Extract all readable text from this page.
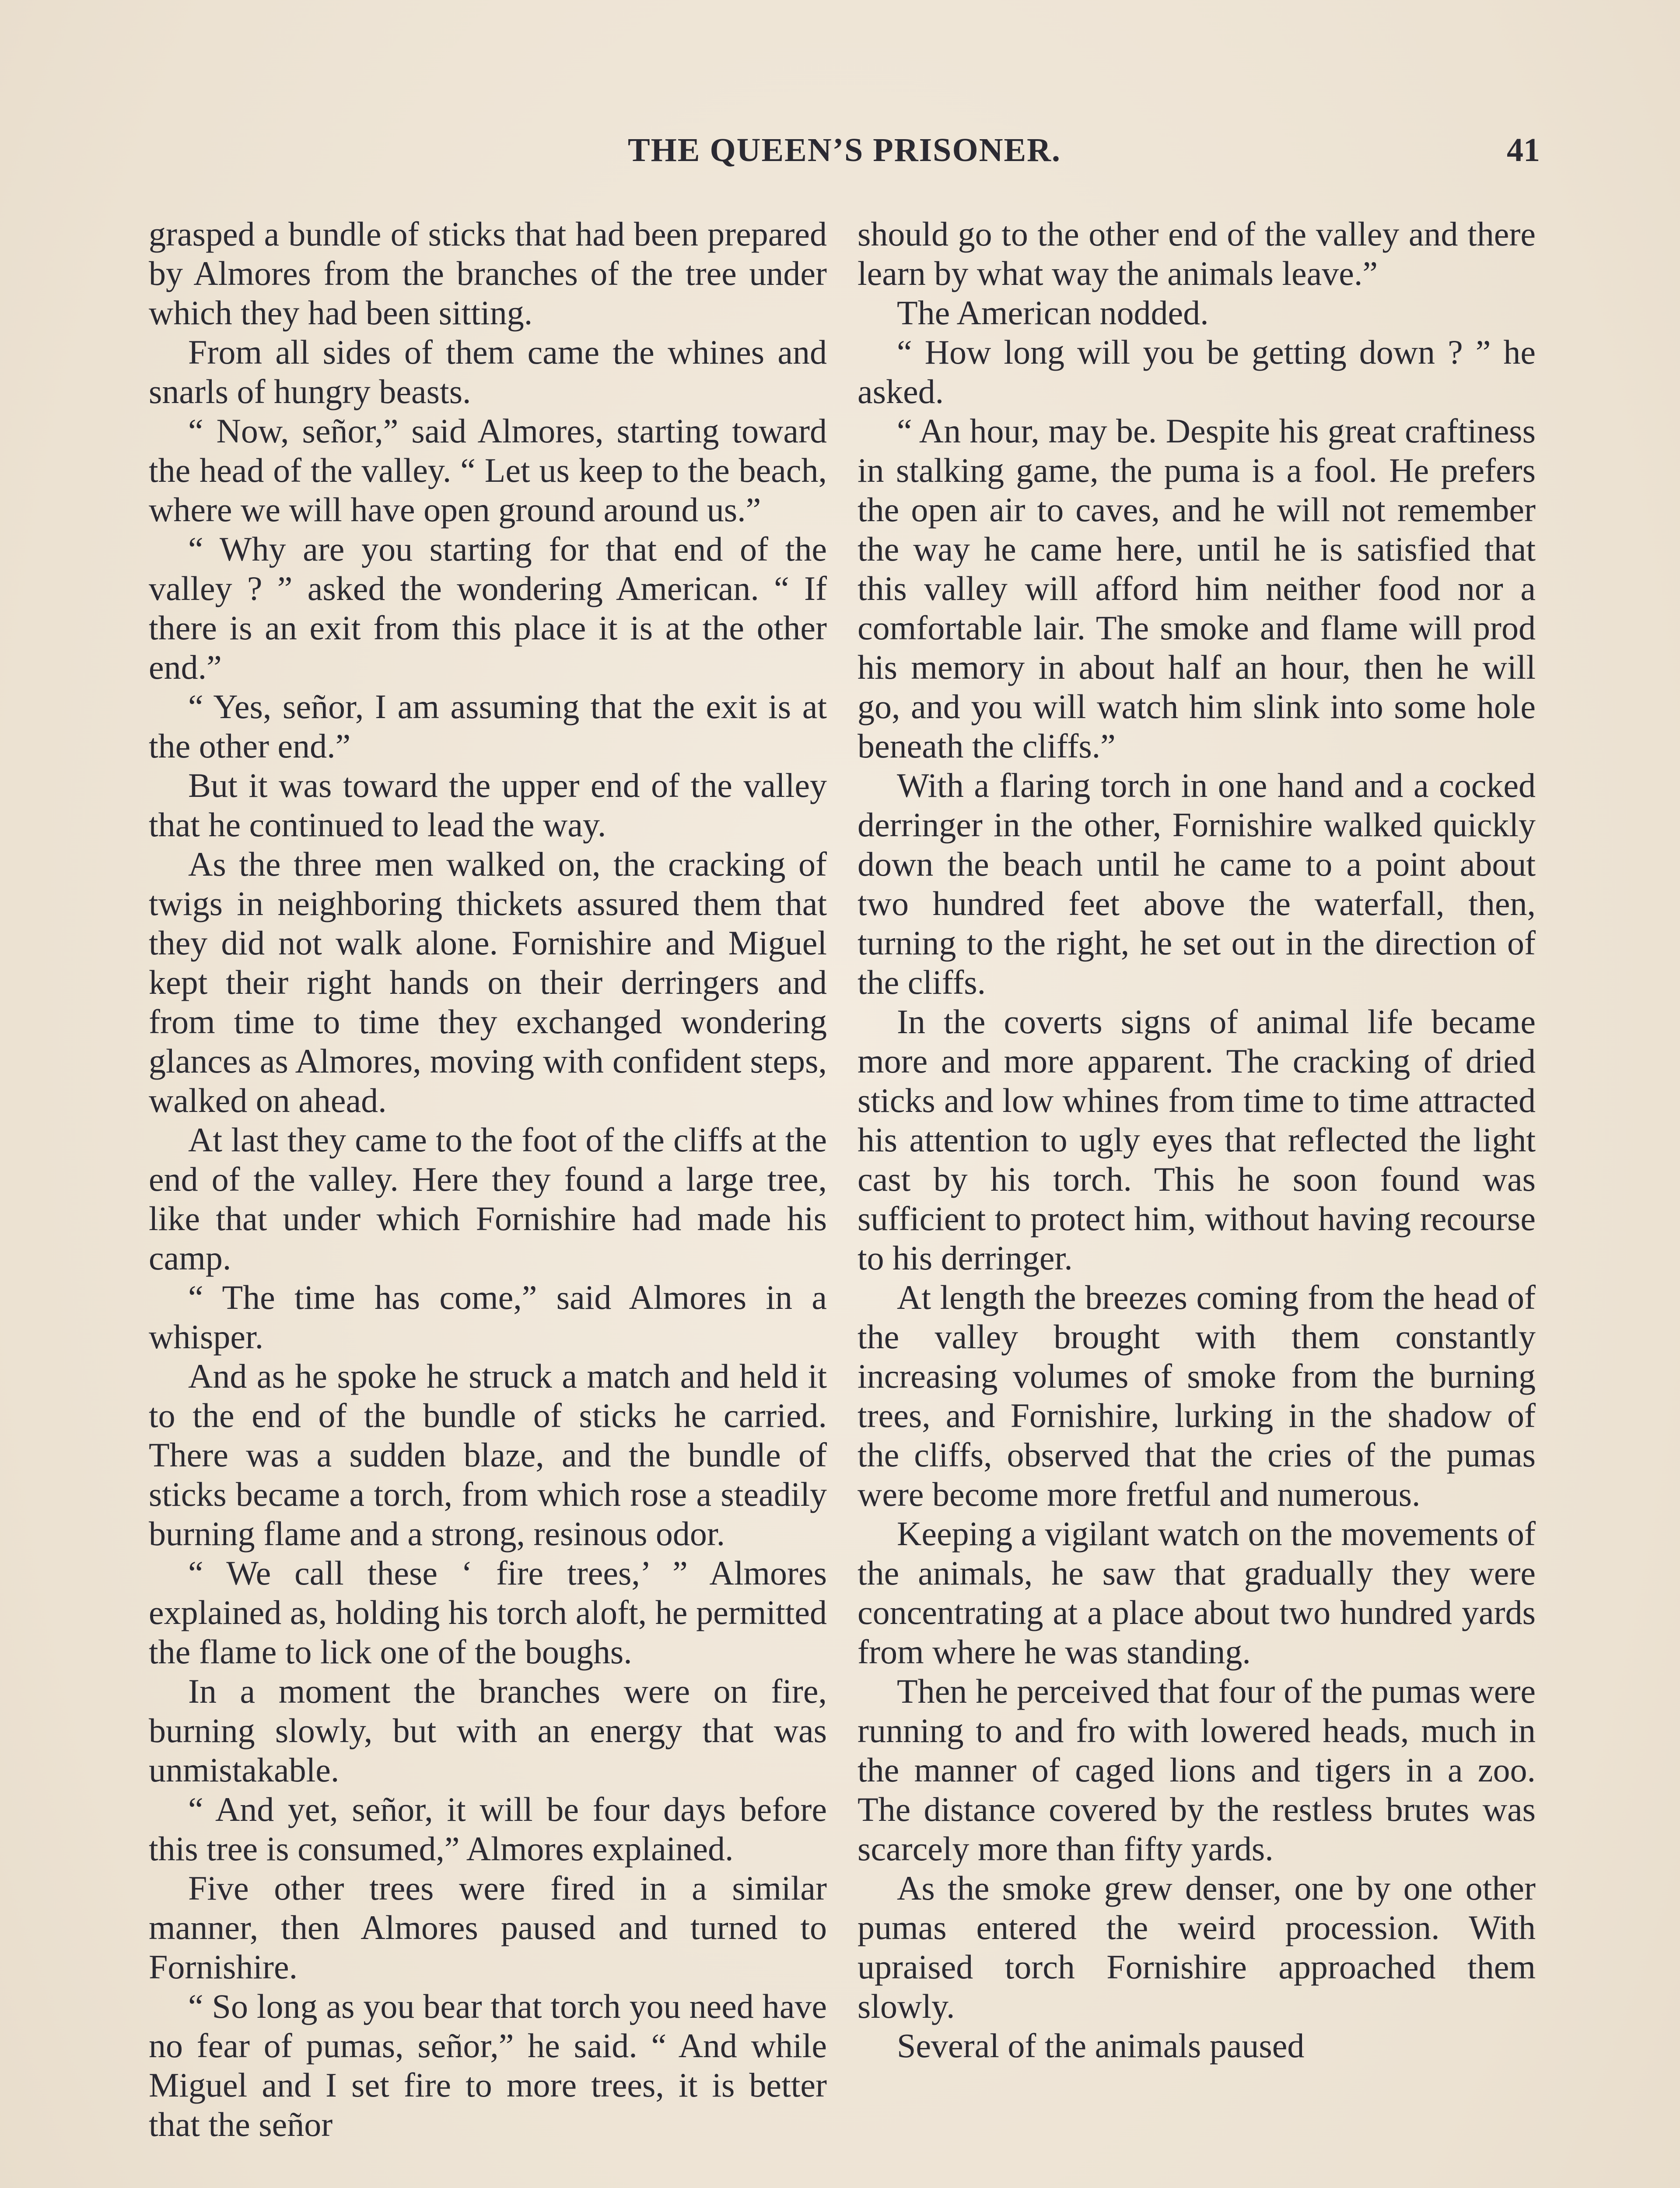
THE QUEEN’S PRISONER.	41

grasped a bundle of sticks that had been prepared by Almores from the branches of the tree under which they had been sitting.

From all sides of them came the whines and snarls of hungry beasts.

“ Now, señor,” said Almores, starting toward the head of the valley. “ Let us keep to the beach, where we will have open ground around us.”

“ Why are you starting for that end of the valley ? ” asked the wondering American. “ If there is an exit from this place it is at the other end.”

“ Yes, señor, I am assuming that the exit is at the other end.”

But it was toward the upper end of the valley that he continued to lead the way.

As the three men walked on, the cracking of twigs in neighboring thickets assured them that they did not walk alone. Fornishire and Miguel kept their right hands on their derringers and from time to time they exchanged wondering glances as Almores, moving with confident steps, walked on ahead.

At last they came to the foot of the cliffs at the end of the valley. Here they found a large tree, like that under which Fornishire had made his camp.

“ The time has come,” said Almores in a whisper.

And as he spoke he struck a match and held it to the end of the bundle of sticks he carried. There was a sudden blaze, and the bundle of sticks became a torch, from which rose a steadily burning flame and a strong, resinous odor.

“ We call these ‘ fire trees,’ ” Almores explained as, holding his torch aloft, he permitted the flame to lick one of the boughs.

In a moment the branches were on fire, burning slowly, but with an energy that was unmistakable.

“ And yet, señor, it will be four days before this tree is consumed,” Almores explained.

Five other trees were fired in a similar manner, then Almores paused and turned to Fornishire.

“ So long as you bear that torch you need have no fear of pumas, señor,” he said. “ And while Miguel and I set fire to more trees, it is better that the señor

should go to the other end of the valley and there learn by what way the animals leave.”

The American nodded.

“ How long will you be getting down ? ” he asked.

“ An hour, may be. Despite his great craftiness in stalking game, the puma is a fool. He prefers the open air to caves, and he will not remember the way he came here, until he is satisfied that this valley will afford him neither food nor a comfortable lair. The smoke and flame will prod his memory in about half an hour, then he will go, and you will watch him slink into some hole beneath the cliffs.”

With a flaring torch in one hand and a cocked derringer in the other, Fornishire walked quickly down the beach until he came to a point about two hundred feet above the waterfall, then, turning to the right, he set out in the direction of the cliffs.

In the coverts signs of animal life became more and more apparent. The cracking of dried sticks and low whines from time to time attracted his attention to ugly eyes that reflected the light cast by his torch. This he soon found was sufficient to protect him, without having recourse to his derringer.

At length the breezes coming from the head of the valley brought with them constantly increasing volumes of smoke from the burning trees, and Fornishire, lurking in the shadow of the cliffs, observed that the cries of the pumas were become more fretful and numerous.

Keeping a vigilant watch on the movements of the animals, he saw that gradually they were concentrating at a place about two hundred yards from where he was standing.

Then he perceived that four of the pumas were running to and fro with lowered heads, much in the manner of caged lions and tigers in a zoo. The distance covered by the restless brutes was scarcely more than fifty yards.

As the smoke grew denser, one by one other pumas entered the weird procession. With upraised torch Fornishire approached them slowly.

Several of the animals paused
